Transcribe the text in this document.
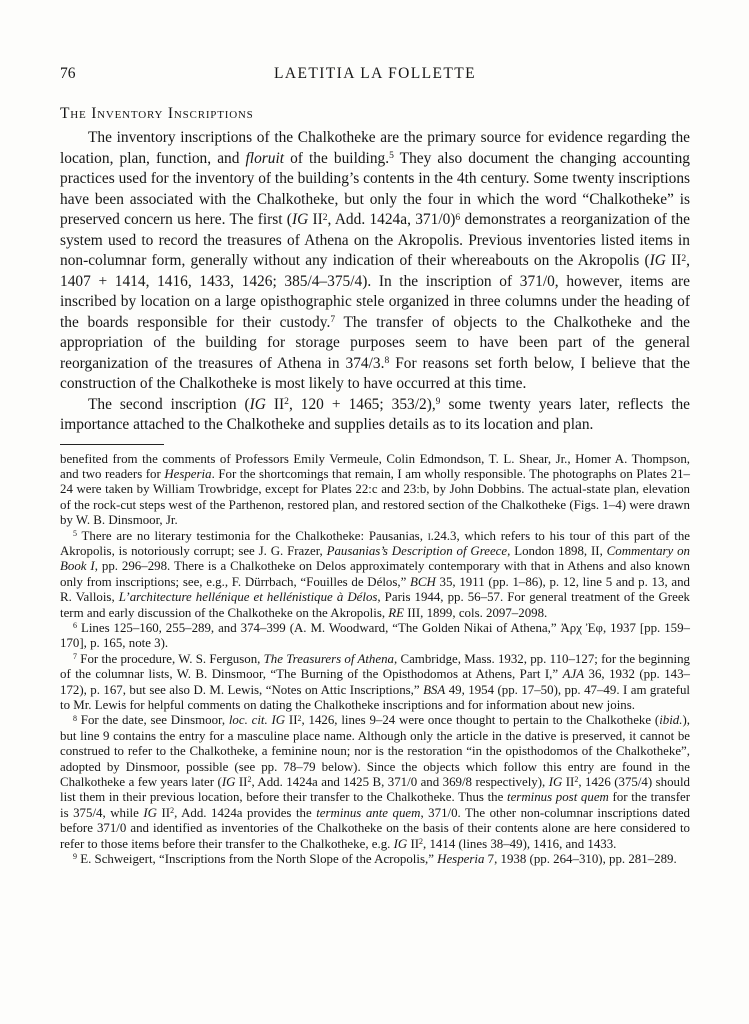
76	LAETITIA LA FOLLETTE
The Inventory Inscriptions

The inventory inscriptions of the Chalkotheke are the primary source for evidence regarding the location, plan, function, and floruit of the building.$^5$ They also document the changing accounting practices used for the inventory of the building’s contents in the 4th century. Some twenty inscriptions have been associated with the Chalkotheke, but only the four in which the word “Chalkotheke” is preserved concern us here. The first (IG $II^2$, Add. 1424a, 371/0)$^6$ demonstrates a reorganization of the system used to record the treasures of Athena on the Akropolis. Previous inventories listed items in non-columnar form, generally without any indication of their whereabouts on the Akropolis (IG $II^2$, 1407 + 1414, 1416, 1433, 1426; 385/4–375/4). In the inscription of 371/0, however, items are inscribed by location on a large opisthographic stele organized in three columns under the heading of the boards responsible for their custody.$^7$ The transfer of objects to the Chalkotheke and the appropriation of the building for storage purposes seem to have been part of the general reorganization of the treasures of Athena in 374/3.$^8$ For reasons set forth below, I believe that the construction of the Chalkotheke is most likely to have occurred at this time.

The second inscription (IG $II^2$, 120 + 1465; 353/2),$^9$ some twenty years later, reflects the importance attached to the Chalkotheke and supplies details as to its location and plan.

benefited from the comments of Professors Emily Vermeule, Colin Edmondson, T. L. Shear, Jr., Homer A. Thompson, and two readers for Hesperia. For the shortcomings that remain, I am wholly responsible. The photographs on Plates 21–24 were taken by William Trowbridge, except for Plates 22:c and 23:b, by John Dobbins. The actual-state plan, elevation of the rock-cut steps west of the Parthenon, restored plan, and restored section of the Chalkotheke (Figs. 1–4) were drawn by W. B. Dinsmoor, Jr.

$^5$ There are no literary testimonia for the Chalkotheke: Pausanias, i.24.3, which refers to his tour of this part of the Akropolis, is notoriously corrupt; see J. G. Frazer, Pausanias’s Description of Greece, London 1898, II, Commentary on Book I, pp. 296–298. There is a Chalkotheke on Delos approximately contemporary with that in Athens and also known only from inscriptions; see, e.g., F. Dürrbach, “Fouilles de Délos,” BCH 35, 1911 (pp. 1–86), p. 12, line 5 and p. 13, and R. Vallois, L’architecture hellénique et hellénistique à Délos, Paris 1944, pp. 56–57. For general treatment of the Greek term and early discussion of the Chalkotheke on the Akropolis, RE III, 1899, cols. 2097–2098.

$^6$ Lines 125–160, 255–289, and 374–399 (A. M. Woodward, “The Golden Nikai of Athena,” Ἀρχ Ἐφ, 1937 [pp. 159–170], p. 165, note 3).

$^7$ For the procedure, W. S. Ferguson, The Treasurers of Athena, Cambridge, Mass. 1932, pp. 110–127; for the beginning of the columnar lists, W. B. Dinsmoor, “The Burning of the Opisthodomos at Athens, Part I,” AJA 36, 1932 (pp. 143–172), p. 167, but see also D. M. Lewis, “Notes on Attic Inscriptions,” BSA 49, 1954 (pp. 17–50), pp. 47–49. I am grateful to Mr. Lewis for helpful comments on dating the Chalkotheke inscriptions and for information about new joins.

$^8$ For the date, see Dinsmoor, loc. cit. IG $II^2$, 1426, lines 9–24 were once thought to pertain to the Chalkotheke (ibid.), but line 9 contains the entry for a masculine place name. Although only the article in the dative is preserved, it cannot be construed to refer to the Chalkotheke, a feminine noun; nor is the restoration “in the opisthodomos of the Chalkotheke”, adopted by Dinsmoor, possible (see pp. 78–79 below). Since the objects which follow this entry are found in the Chalkotheke a few years later (IG $II^2$, Add. 1424a and 1425 B, 371/0 and 369/8 respectively), IG $II^2$, 1426 (375/4) should list them in their previous location, before their transfer to the Chalkotheke. Thus the terminus post quem for the transfer is 375/4, while IG $II^2$, Add. 1424a provides the terminus ante quem, 371/0. The other non-columnar inscriptions dated before 371/0 and identified as inventories of the Chalkotheke on the basis of their contents alone are here considered to refer to those items before their transfer to the Chalkotheke, e.g. IG $II^2$, 1414 (lines 38–49), 1416, and 1433.

$^9$ E. Schweigert, “Inscriptions from the North Slope of the Acropolis,” Hesperia 7, 1938 (pp. 264–310), pp. 281–289.
